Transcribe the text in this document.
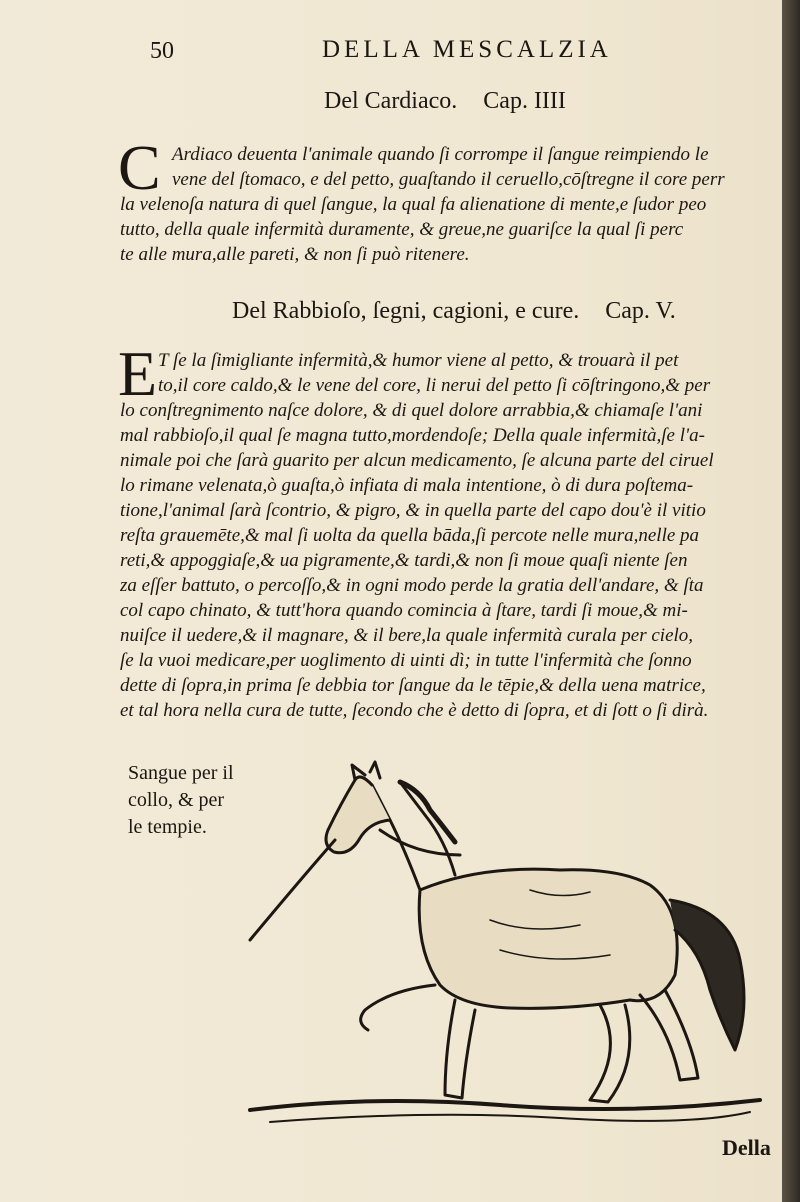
50	DELLA MESCALZIA
Del Cardiaco. Cap. IIII
C Ardiaco deuenta l'animale quando ſi corrompe il ſangue reimpiendo le
vene del ſtomaco, e del petto, guaſtando il ceruello,cōſtregne il core perr
la velenoſa natura di quel ſangue, la qual fa alienatione di mente,e ſudor peo
tutto, della quale infermità duramente, & greue,ne guariſce la qual ſi perc
te alle mura,alle pareti, & non ſi può ritenere.
Del Rabbioſo, ſegni, cagioni, e cure. Cap. V.
E T ſe la ſimigliante infermità,& humor viene al petto, & trouarà il pet
to,il core caldo,& le vene del core, li nerui del petto ſi cōſtringono,& per
lo conſtregnimento naſce dolore, & di quel dolore arrabbia,& chiamaſe l'ani
mal rabbioſo,il qual ſe magna tutto,mordendoſe; Della quale infermità,ſe l'a-
nimale poi che ſarà guarito per alcun medicamento, ſe alcuna parte del ciruel
lo rimane velenata,ò guaſta,ò infiata di mala intentione, ò di dura poſtema-
tione,l'animal ſarà ſcontrio, & pigro, & in quella parte del capo dou'è il vitio
reſta grauemēte,& mal ſi uolta da quella bāda,ſi percote nelle mura,nelle pa
reti,& appoggiaſe,& ua pigramente,& tardi,& non ſi moue quaſi niente ſen
za eſſer battuto, o percoſſo,& in ogni modo perde la gratia dell'andare, & ſta
col capo chinato, & tutt'hora quando comincia à ſtare, tardi ſi moue,& mi-
nuiſce il uedere,& il magnare, & il bere,la quale infermità curala per cielo,
ſe la vuoi medicare,per uoglimento di uinti dì; in tutte l'infermità che ſonno
dette di ſopra,in prima ſe debbia tor ſangue da le tēpie,& della uena matrice,
et tal hora nella cura de tutte, ſecondo che è detto di ſopra, et di ſott o ſi dirà.
Sangue per il
collo, & per
le tempie.
Della
